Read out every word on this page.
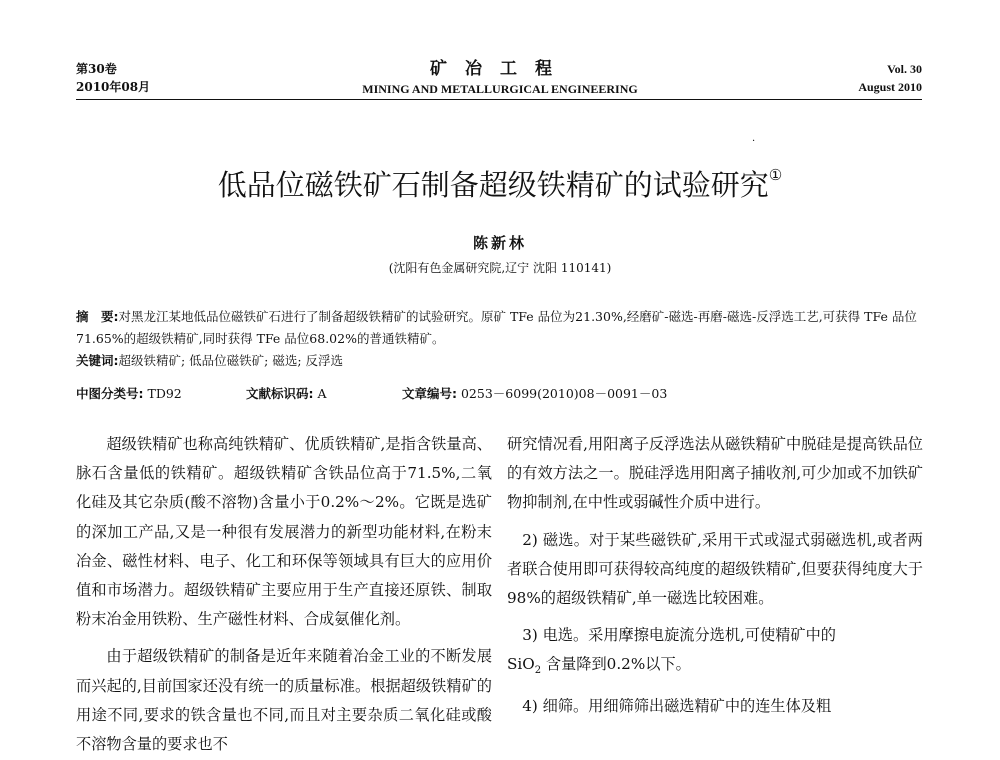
第30卷
2010年08月
矿冶工程
MINING AND METALLURGICAL ENGINEERING
Vol. 30
August 2010
·
低品位磁铁矿石制备超级铁精矿的试验研究①
陈新林
(沈阳有色金属研究院,辽宁 沈阳 110141)
摘　要:对黑龙江某地低品位磁铁矿石进行了制备超级铁精矿的试验研究。原矿 TFe 品位为21.30%,经磨矿-磁选-再磨-磁选-反浮选工艺,可获得 TFe 品位71.65%的超级铁精矿,同时获得 TFe 品位68.02%的普通铁精矿。
关键词:超级铁精矿; 低品位磁铁矿; 磁选; 反浮选
中图分类号: TD92	文献标识码: A	文章编号: 0253－6099(2010)08－0091－03

超级铁精矿也称高纯铁精矿、优质铁精矿,是指含铁量高、脉石含量低的铁精矿。超级铁精矿含铁品位高于71.5%,二氧化硅及其它杂质(酸不溶物)含量小于0.2%～2%。它既是选矿的深加工产品,又是一种很有发展潜力的新型功能材料,在粉末冶金、磁性材料、电子、化工和环保等领域具有巨大的应用价值和市场潜力。超级铁精矿主要应用于生产直接还原铁、制取粉末冶金用铁粉、生产磁性材料、合成氨催化剂。

由于超级铁精矿的制备是近年来随着冶金工业的不断发展而兴起的,目前国家还没有统一的质量标准。根据超级铁精矿的用途不同,要求的铁含量也不同,而且对主要杂质二氧化硅或酸不溶物含量的要求也不

研究情况看,用阳离子反浮选法从磁铁精矿中脱硅是提高铁品位的有效方法之一。脱硅浮选用阳离子捕收剂,可少加或不加铁矿物抑制剂,在中性或弱碱性介质中进行。

2) 磁选。对于某些磁铁矿,采用干式或湿式弱磁选机,或者两者联合使用即可获得较高纯度的超级铁精矿,但要获得纯度大于98%的超级铁精矿,单一磁选比较困难。

3) 电选。采用摩擦电旋流分选机,可使精矿中的
SiO$_2$ 含量降到0.2%以下。

4) 细筛。用细筛筛出磁选精矿中的连生体及粗
